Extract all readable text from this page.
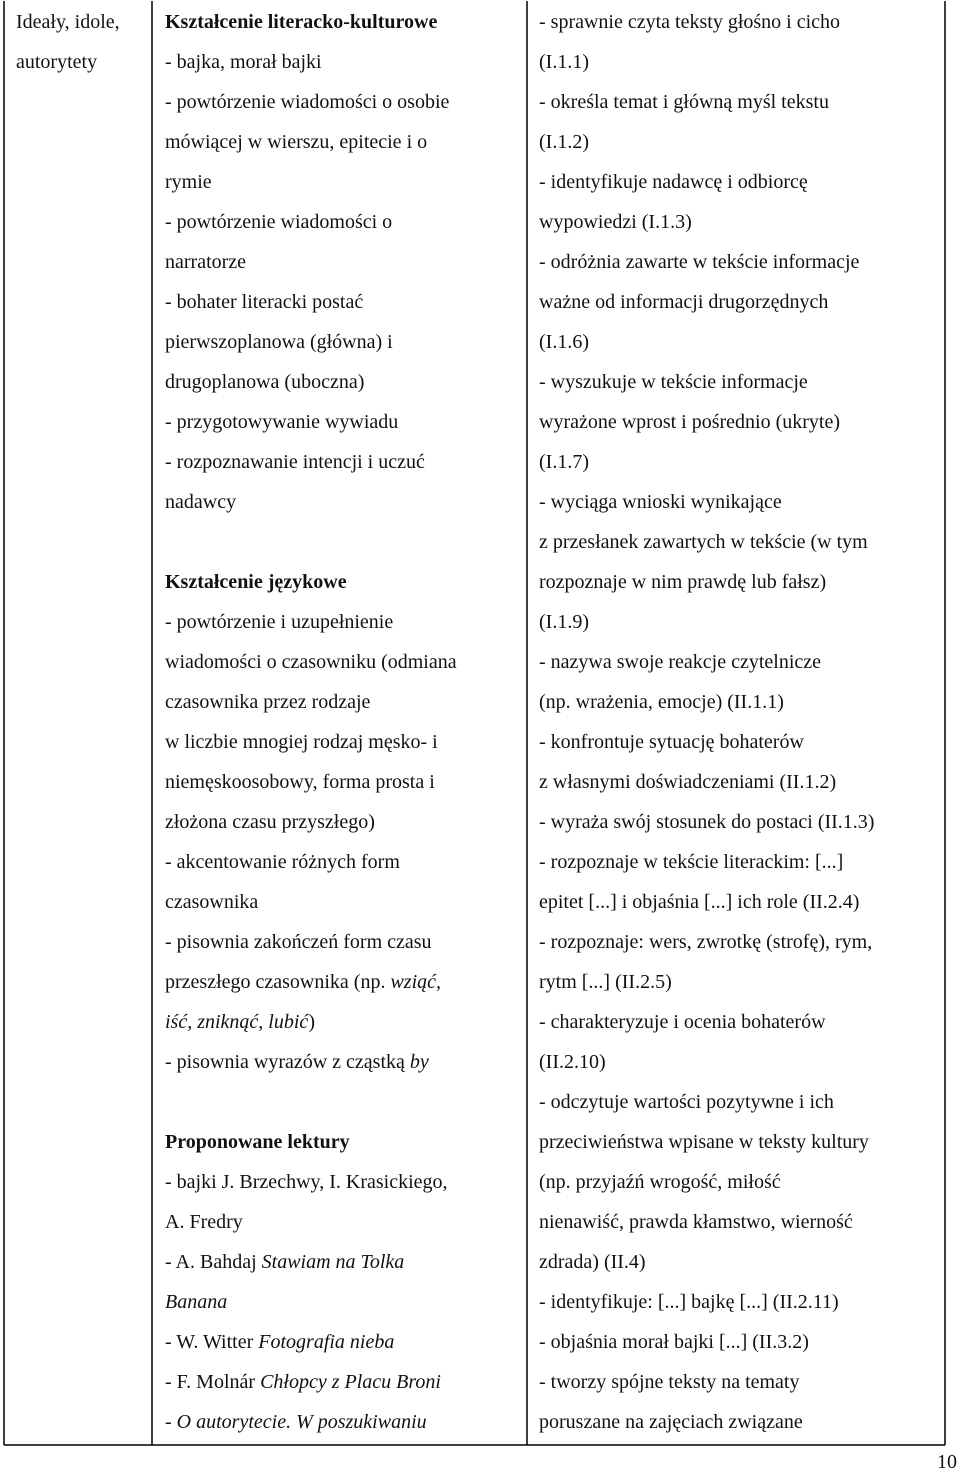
Ideały, idole,
autorytety
Kształcenie literacko-kulturowe
- bajka, morał bajki
- powtórzenie wiadomości o osobie
mówiącej w wierszu, epitecie i o
rymie
- powtórzenie wiadomości o
narratorze
- bohater literacki postać
pierwszoplanowa (główna) i
drugoplanowa (uboczna)
- przygotowywanie wywiadu
- rozpoznawanie intencji i uczuć
nadawcy
Kształcenie językowe
- powtórzenie i uzupełnienie
wiadomości o czasowniku (odmiana
czasownika przez rodzaje
w liczbie mnogiej rodzaj męsko- i
niemęskoosobowy, forma prosta i
złożona czasu przyszłego)
- akcentowanie różnych form
czasownika
- pisownia zakończeń form czasu
przeszłego czasownika (np. wziąć,
iść, zniknąć, lubić)
- pisownia wyrazów z cząstką by
Proponowane lektury
- bajki J. Brzechwy, I. Krasickiego,
A. Fredry
- A. Bahdaj Stawiam na Tolka
Banana
- W. Witter Fotografia nieba
- F. Molnár Chłopcy z Placu Broni
- O autorytecie. W poszukiwaniu
- sprawnie czyta teksty głośno i cicho
(I.1.1)
- określa temat i główną myśl tekstu
(I.1.2)
- identyfikuje nadawcę i odbiorcę
wypowiedzi (I.1.3)
- odróżnia zawarte w tekście informacje
ważne od informacji drugorzędnych
(I.1.6)
- wyszukuje w tekście informacje
wyrażone wprost i pośrednio (ukryte)
(I.1.7)
- wyciąga wnioski wynikające
z przesłanek zawartych w tekście (w tym
rozpoznaje w nim prawdę lub fałsz)
(I.1.9)
- nazywa swoje reakcje czytelnicze
(np. wrażenia, emocje) (II.1.1)
- konfrontuje sytuację bohaterów
z własnymi doświadczeniami (II.1.2)
- wyraża swój stosunek do postaci (II.1.3)
- rozpoznaje w tekście literackim: [...]
epitet [...] i objaśnia [...] ich role (II.2.4)
- rozpoznaje: wers, zwrotkę (strofę), rym,
rytm [...] (II.2.5)
- charakteryzuje i ocenia bohaterów
(II.2.10)
- odczytuje wartości pozytywne i ich
przeciwieństwa wpisane w teksty kultury
(np. przyjaźń wrogość, miłość
nienawiść, prawda kłamstwo, wierność
zdrada) (II.4)
- identyfikuje: [...] bajkę [...] (II.2.11)
- objaśnia morał bajki [...] (II.3.2)
- tworzy spójne teksty na tematy
poruszane na zajęciach związane
10
